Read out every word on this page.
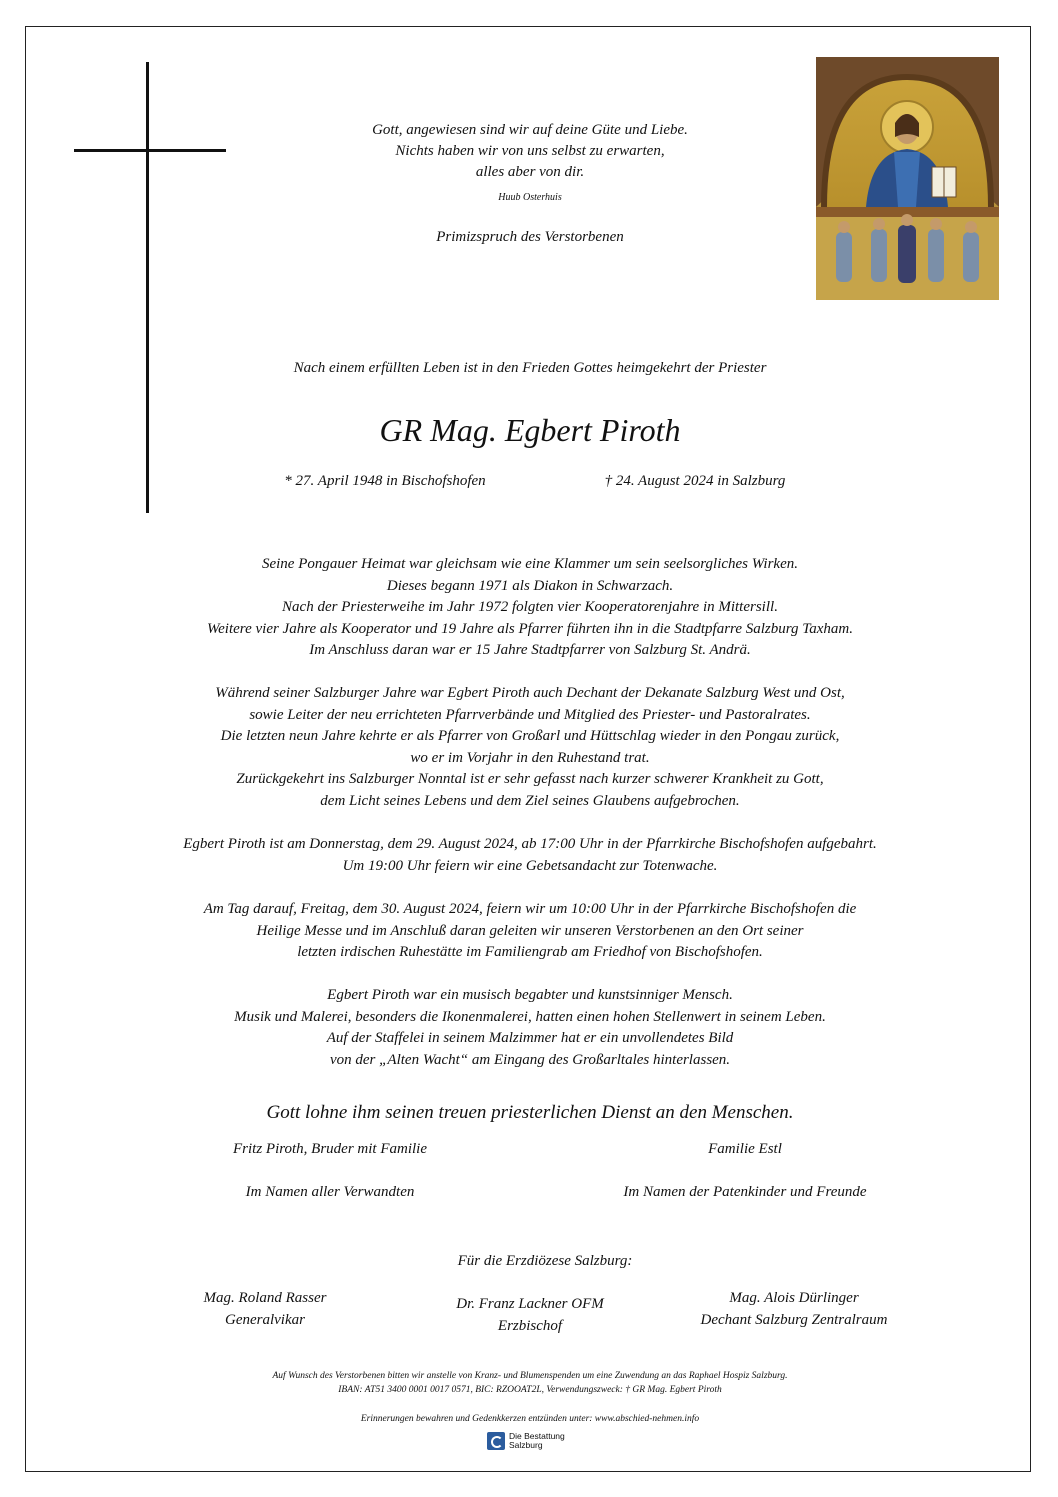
Gott, angewiesen sind wir auf deine Güte und Liebe.
Nichts haben wir von uns selbst zu erwarten,
alles aber von dir.
Huub Osterhuis
Primizspruch des Verstorbenen
Nach einem erfüllten Leben ist in den Frieden Gottes heimgekehrt der Priester
GR Mag. Egbert Piroth
* 27. April 1948 in Bischofshofen	† 24. August 2024 in Salzburg
Seine Pongauer Heimat war gleichsam wie eine Klammer um sein seelsorgliches Wirken.
Dieses begann 1971 als Diakon in Schwarzach.
Nach der Priesterweihe im Jahr 1972 folgten vier Kooperatorenjahre in Mittersill.
Weitere vier Jahre als Kooperator und 19 Jahre als Pfarrer führten ihn in die Stadtpfarre Salzburg Taxham.
Im Anschluss daran war er 15 Jahre Stadtpfarrer von Salzburg St. Andrä.
Während seiner Salzburger Jahre war Egbert Piroth auch Dechant der Dekanate Salzburg West und Ost,
sowie Leiter der neu errichteten Pfarrverbände und Mitglied des Priester- und Pastoralrates.
Die letzten neun Jahre kehrte er als Pfarrer von Großarl und Hüttschlag wieder in den Pongau zurück,
wo er im Vorjahr in den Ruhestand trat.
Zurückgekehrt ins Salzburger Nonntal ist er sehr gefasst nach kurzer schwerer Krankheit zu Gott,
dem Licht seines Lebens und dem Ziel seines Glaubens aufgebrochen.
Egbert Piroth ist am Donnerstag, dem 29. August 2024, ab 17:00 Uhr in der Pfarrkirche Bischofshofen aufgebahrt.
Um 19:00 Uhr feiern wir eine Gebetsandacht zur Totenwache.
Am Tag darauf, Freitag, dem 30. August 2024, feiern wir um 10:00 Uhr in der Pfarrkirche Bischofshofen die
Heilige Messe und im Anschluß daran geleiten wir unseren Verstorbenen an den Ort seiner
letzten irdischen Ruhestätte im Familiengrab am Friedhof von Bischofshofen.
Egbert Piroth war ein musisch begabter und kunstsinniger Mensch.
Musik und Malerei, besonders die Ikonenmalerei, hatten einen hohen Stellenwert in seinem Leben.
Auf der Staffelei in seinem Malzimmer hat er ein unvollendetes Bild
von der „Alten Wacht“ am Eingang des Großarltales hinterlassen.
Gott lohne ihm seinen treuen priesterlichen Dienst an den Menschen.
Fritz Piroth, Bruder mit Familie	Familie Estl
Im Namen aller Verwandten	Im Namen der Patenkinder und Freunde
Für die Erzdiözese Salzburg:
Mag. Roland Rasser
Generalvikar
Dr. Franz Lackner OFM
Erzbischof
Mag. Alois Dürlinger
Dechant Salzburg Zentralraum
Auf Wunsch des Verstorbenen bitten wir anstelle von Kranz- und Blumenspenden um eine Zuwendung an das Raphael Hospiz Salzburg.
IBAN: AT51 3400 0001 0017 0571, BIC: RZOOAT2L, Verwendungszweck: † GR Mag. Egbert Piroth
Erinnerungen bewahren und Gedenkkerzen entzünden unter: www.abschied-nehmen.info
Die Bestattung
Salzburg
